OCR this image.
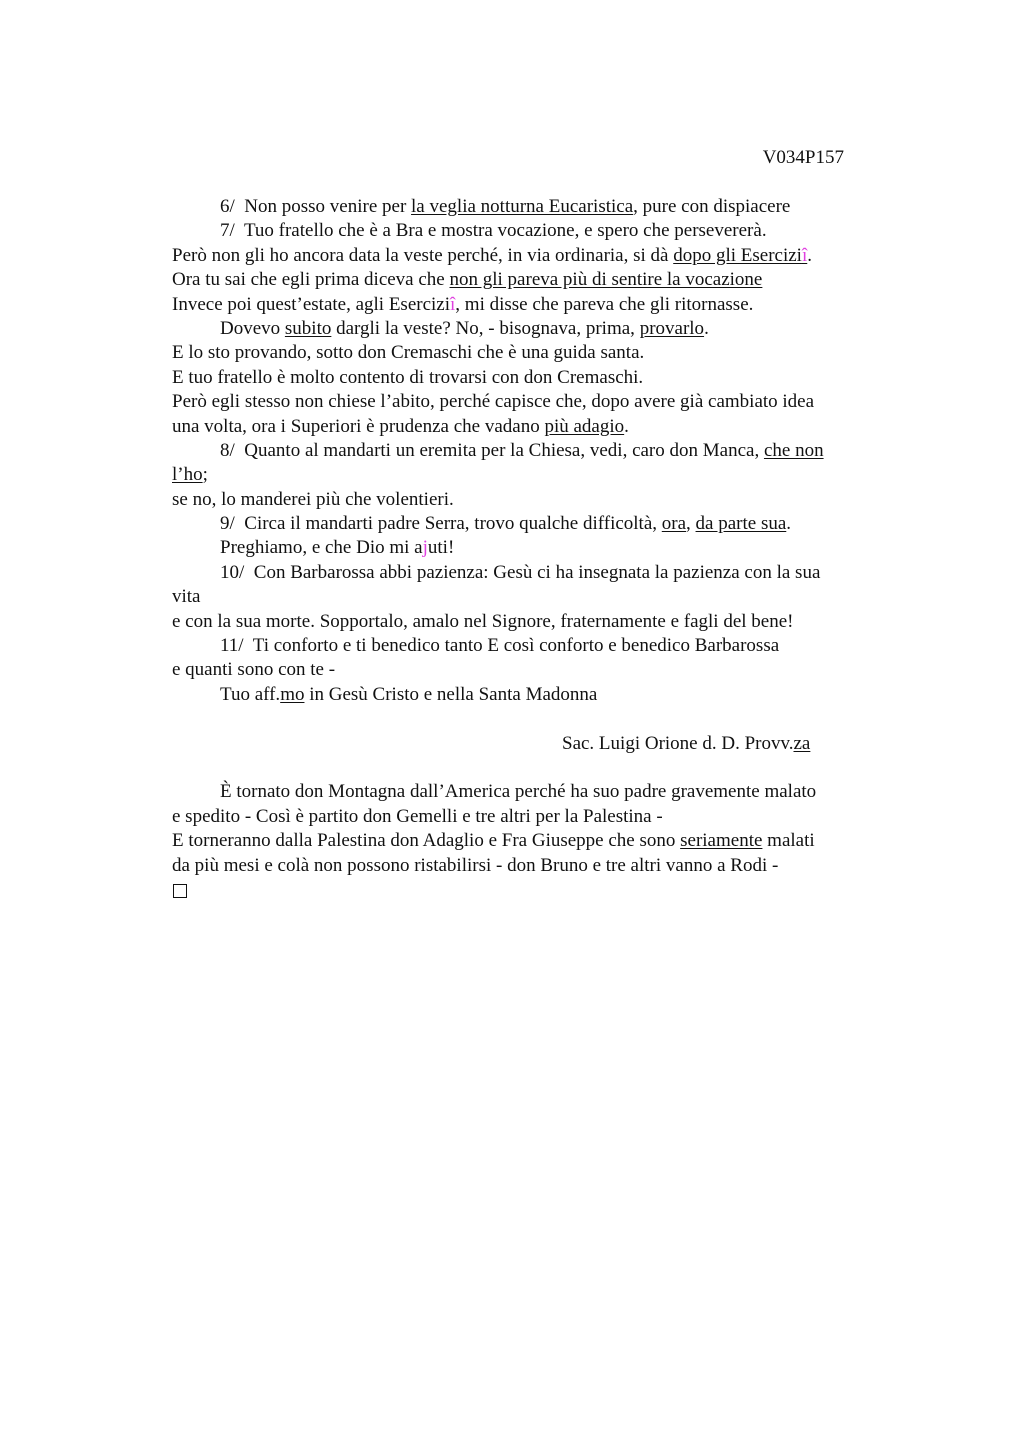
V034P157
6/ Non posso venire per la veglia notturna Eucaristica, pure con dispiacere
7/ Tuo fratello che è a Bra e mostra vocazione, e spero che persevererà.
Però non gli ho ancora data la veste perché, in via ordinaria, si dà dopo gli Eserciziî.
Ora tu sai che egli prima diceva che non gli pareva più di sentire la vocazione
Invece poi quest’estate, agli Eserciziî, mi disse che pareva che gli ritornasse.
Dovevo subito dargli la veste? No, - bisognava, prima, provarlo.
E lo sto provando, sotto don Cremaschi che è una guida santa.
E tuo fratello è molto contento di trovarsi con don Cremaschi.
Però egli stesso non chiese l’abito, perché capisce che, dopo avere già cambiato idea
una volta, ora i Superiori è prudenza che vadano più adagio.
8/ Quanto al mandarti un eremita per la Chiesa, vedi, caro don Manca, che non
l’ho;
se no, lo manderei più che volentieri.
9/ Circa il mandarti padre Serra, trovo qualche difficoltà, ora, da parte sua.
Preghiamo, e che Dio mi ajuti!
10/ Con Barbarossa abbi pazienza: Gesù ci ha insegnata la pazienza con la sua
vita
e con la sua morte. Sopportalo, amalo nel Signore, fraternamente e fagli del bene!
11/ Ti conforto e ti benedico tanto E così conforto e benedico Barbarossa
e quanti sono con te -
Tuo aff.mo in Gesù Cristo e nella Santa Madonna
Sac. Luigi Orione d. D. Provv.za
È tornato don Montagna dall’America perché ha suo padre gravemente malato
e spedito - Così è partito don Gemelli e tre altri per la Palestina -
E torneranno dalla Palestina don Adaglio e Fra Giuseppe che sono seriamente malati
da più mesi e colà non possono ristabilirsi - don Bruno e tre altri vanno a Rodi -
